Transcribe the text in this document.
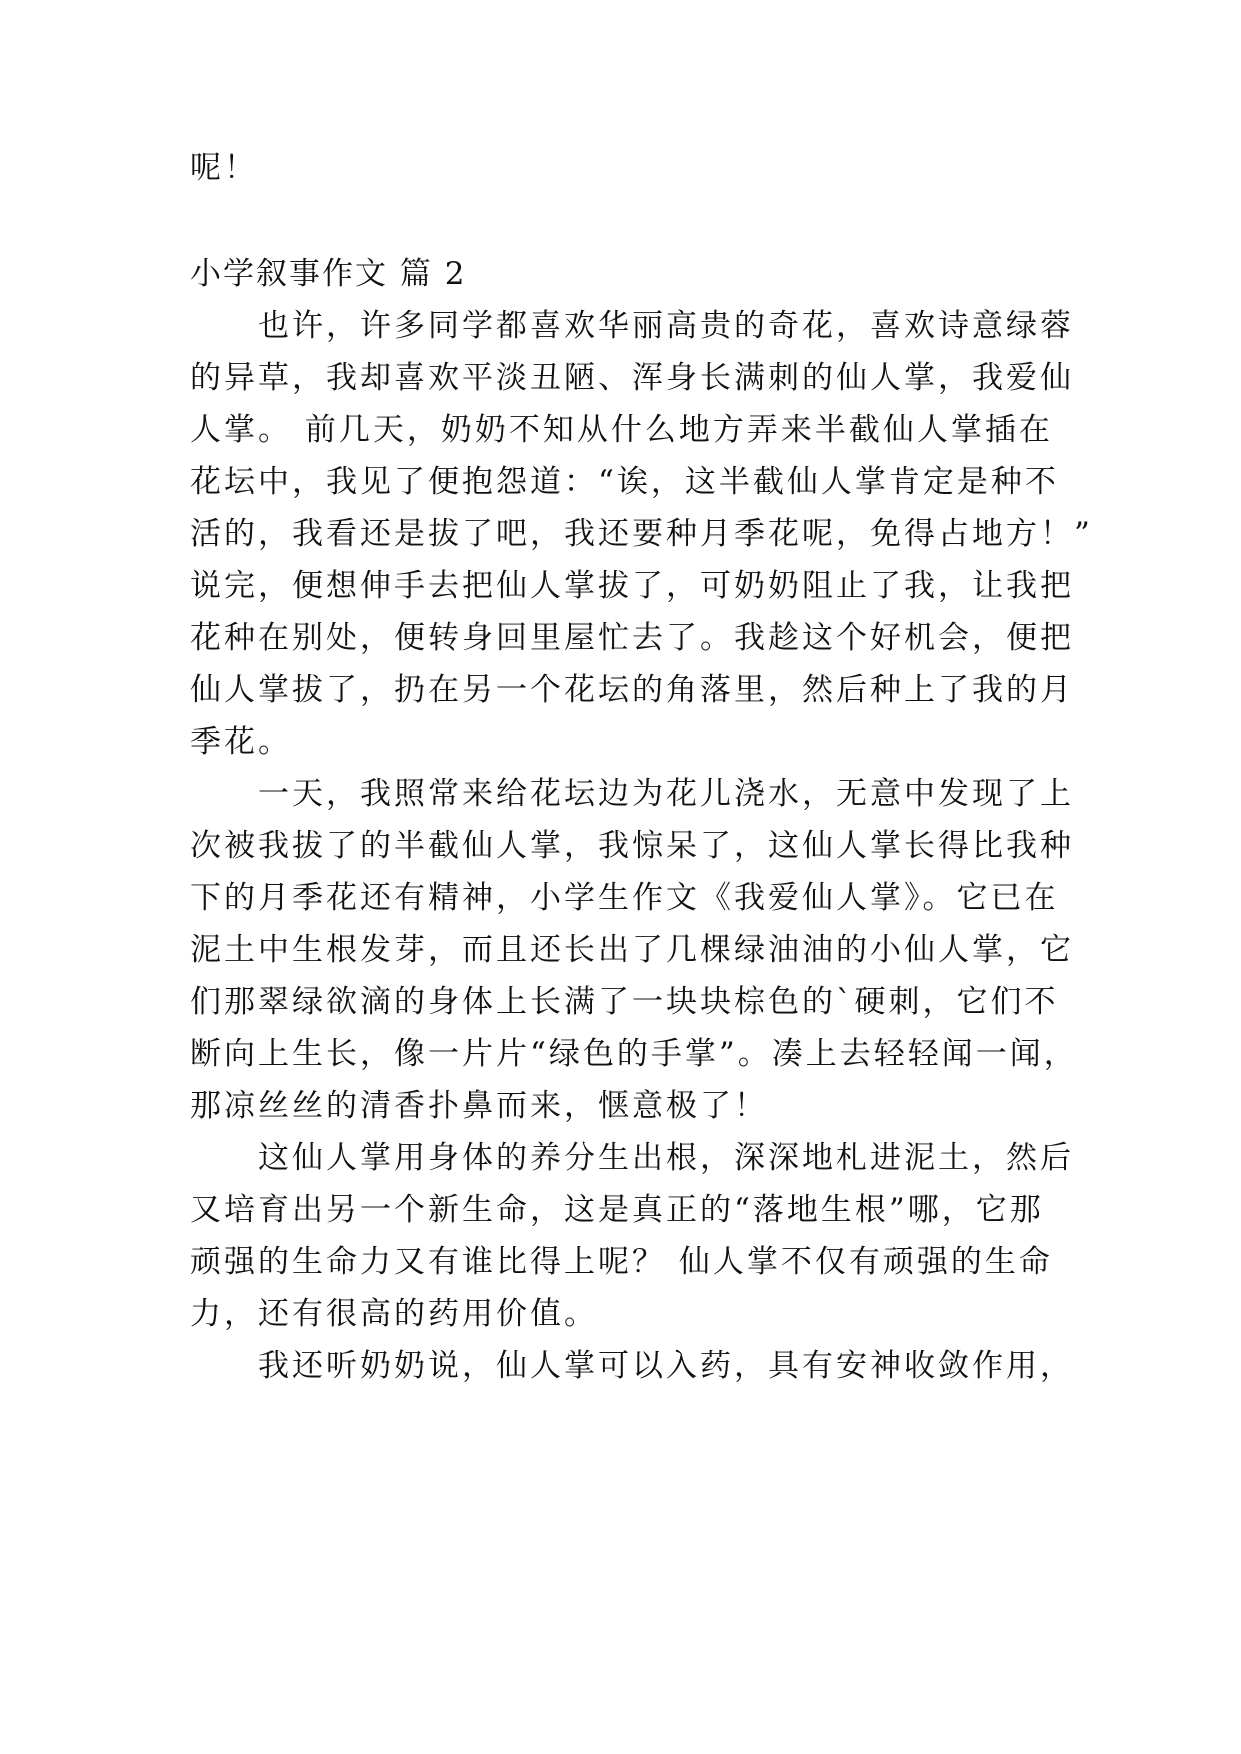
呢！
小学叙事作文 篇 2
也许，许多同学都喜欢华丽高贵的奇花，喜欢诗意绿蓉
的异草，我却喜欢平淡丑陋、浑身长满刺的仙人掌，我爱仙
人掌。 前几天，奶奶不知从什么地方弄来半截仙人掌插在
花坛中，我见了便抱怨道：“诶，这半截仙人掌肯定是种不
活的，我看还是拔了吧，我还要种月季花呢，免得占地方！”
说完，便想伸手去把仙人掌拔了，可奶奶阻止了我，让我把
花种在别处，便转身回里屋忙去了。我趁这个好机会，便把
仙人掌拔了，扔在另一个花坛的角落里，然后种上了我的月
季花。
一天，我照常来给花坛边为花儿浇水，无意中发现了上
次被我拔了的半截仙人掌，我惊呆了，这仙人掌长得比我种
下的月季花还有精神，小学生作文《我爱仙人掌》。它已在
泥土中生根发芽，而且还长出了几棵绿油油的小仙人掌，它
们那翠绿欲滴的身体上长满了一块块棕色的`硬刺，它们不
断向上生长，像一片片“绿色的手掌”。凑上去轻轻闻一闻，
那凉丝丝的清香扑鼻而来，惬意极了！
这仙人掌用身体的养分生出根，深深地札进泥土，然后
又培育出另一个新生命，这是真正的“落地生根”哪，它那
顽强的生命力又有谁比得上呢？ 仙人掌不仅有顽强的生命
力，还有很高的药用价值。
我还听奶奶说，仙人掌可以入药，具有安神收敛作用，
